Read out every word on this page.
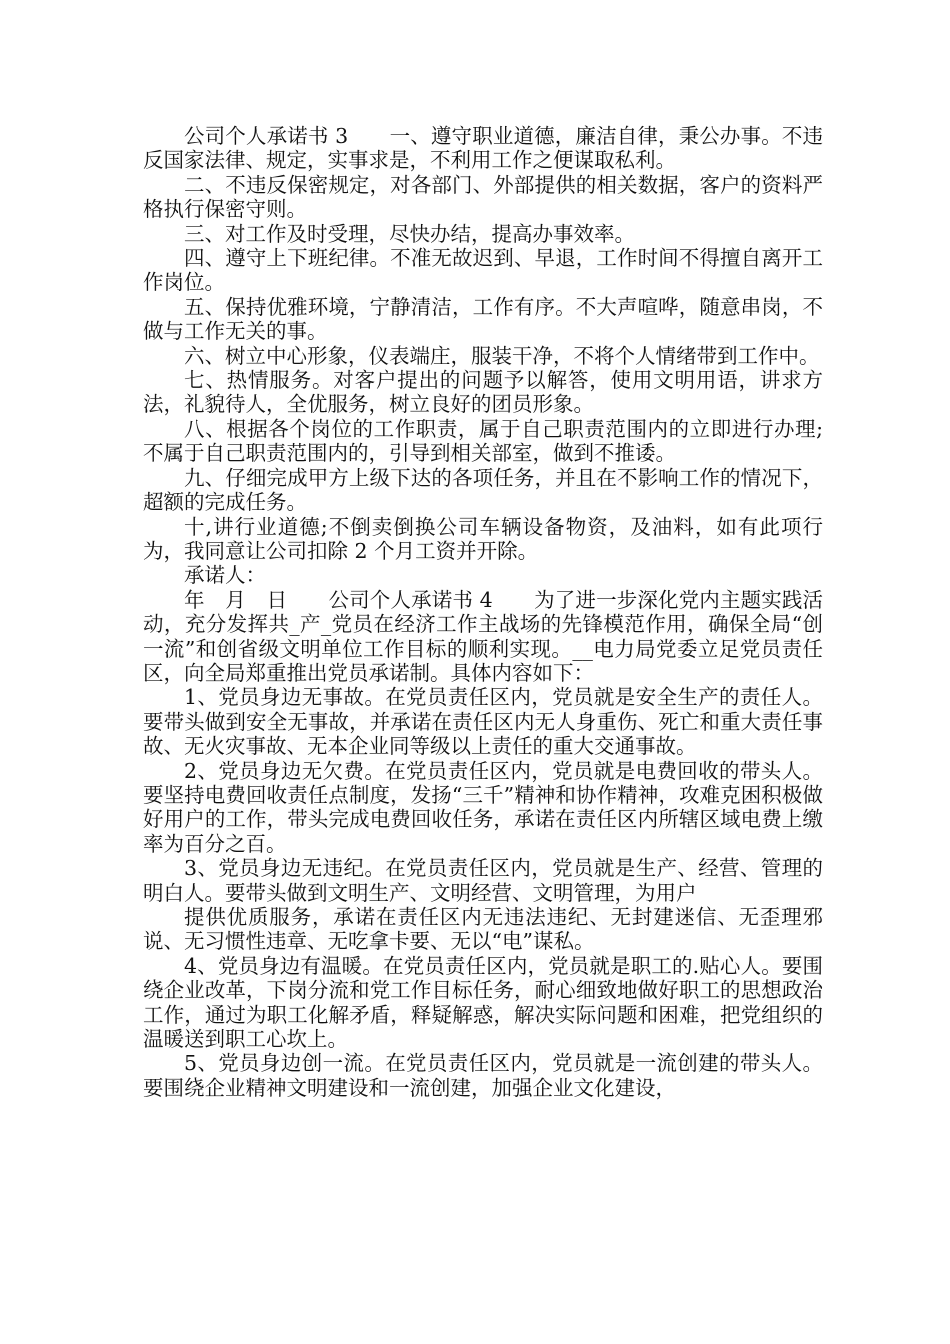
公司个人承诺书 3　　一、遵守职业道德，廉洁自律，秉公办事。不违反国家法律、规定，实事求是，不利用工作之便谋取私利。

二、不违反保密规定，对各部门、外部提供的相关数据，客户的资料严格执行保密守则。

三、对工作及时受理，尽快办结，提高办事效率。

四、遵守上下班纪律。不准无故迟到、早退，工作时间不得擅自离开工作岗位。

五、保持优雅环境，宁静清洁，工作有序。不大声喧哗，随意串岗，不做与工作无关的事。

六、树立中心形象，仪表端庄，服装干净，不将个人情绪带到工作中。

七、热情服务。对客户提出的问题予以解答，使用文明用语，讲求方法，礼貌待人，全优服务，树立良好的团员形象。

八、根据各个岗位的工作职责，属于自己职责范围内的立即进行办理;不属于自己职责范围内的，引导到相关部室，做到不推诿。

九、仔细完成甲方上级下达的各项任务，并且在不影响工作的情况下，超额的完成任务。

十,讲行业道德;不倒卖倒换公司车辆设备物资，及油料，如有此项行为，我同意让公司扣除 2 个月工资并开除。

承诺人：

年　月　日　　公司个人承诺书 4　　为了进一步深化党内主题实践活动，充分发挥共_产_党员在经济工作主战场的先锋模范作用，确保全局“创一流”和创省级文明单位工作目标的顺利实现。__电力局党委立足党员责任区，向全局郑重推出党员承诺制。具体内容如下：

1、党员身边无事故。在党员责任区内，党员就是安全生产的责任人。要带头做到安全无事故，并承诺在责任区内无人身重伤、死亡和重大责任事故、无火灾事故、无本企业同等级以上责任的重大交通事故。

2、党员身边无欠费。在党员责任区内，党员就是电费回收的带头人。要坚持电费回收责任点制度，发扬“三千”精神和协作精神，攻难克困积极做好用户的工作，带头完成电费回收任务，承诺在责任区内所辖区域电费上缴率为百分之百。

3、党员身边无违纪。在党员责任区内，党员就是生产、经营、管理的明白人。要带头做到文明生产、文明经营、文明管理，为用户

提供优质服务，承诺在责任区内无违法违纪、无封建迷信、无歪理邪说、无习惯性违章、无吃拿卡要、无以“电”谋私。

4、党员身边有温暖。在党员责任区内，党员就是职工的.贴心人。要围绕企业改革，下岗分流和党工作目标任务，耐心细致地做好职工的思想政治工作，通过为职工化解矛盾，释疑解惑，解决实际问题和困难，把党组织的温暖送到职工心坎上。

5、党员身边创一流。在党员责任区内，党员就是一流创建的带头人。要围绕企业精神文明建设和一流创建，加强企业文化建设，
